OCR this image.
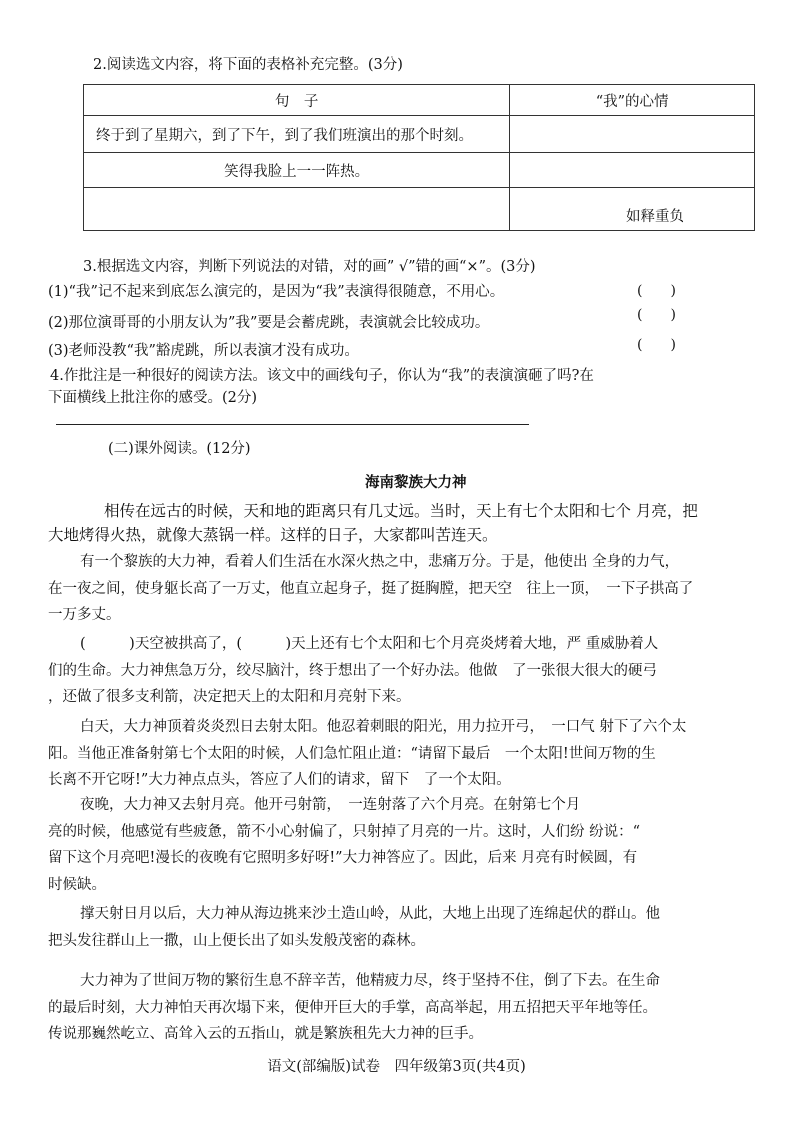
2.阅读选文内容，将下面的表格补充完整。(3分)
句　子	“我”的心情
终于到了星期六，到了下午，到了我们班演出的那个时刻。	
笑得我脸上一一阵热。	
	如释重负
3.根据选文内容，判断下列说法的对错，对的画” √”错的画“×”。(3分)
(1)“我”记不起来到底怎么演完的，是因为“我”表演得很随意，不用心。
(2)那位演哥哥的小朋友认为”我”要是会蓄虎跳，表演就会比较成功。
(3)老师没教“我”豁虎跳，所以表演才没有成功。
(　　)
(　　)
(　　)
4.作批注是一种很好的阅读方法。该文中的画线句子，你认为“我”的表演演砸了吗?在
下面横线上批注你的感受。(2分)
(二)课外阅读。(12分)
海南黎族大力神
相传在远古的时候，天和地的距离只有几丈远。当时，天上有七个太阳和七个 月亮，把
大地烤得火热，就像大蒸锅一样。这样的日子，大家都叫苦连天。

有一个黎族的大力神，看着人们生活在水深火热之中，悲痛万分。于是，他使出 全身的力气，

在一夜之间，使身躯长高了一万丈，他直立起身子，挺了挺胸膛，把天空　往上一顶，　一下子拱高了

一万多丈。

(　　　)天空被拱高了，(　　　)天上还有七个太阳和七个月亮炎烤着大地，严 重威胁着人

们的生命。大力神焦急万分，绞尽脑汁，终于想出了一个好办法。他做　了一张很大很大的硬弓

，还做了很多支利箭，决定把天上的太阳和月亮射下来。

白天，大力神顶着炎炎烈日去射太阳。他忍着刺眼的阳光，用力拉开弓，　一口气 射下了六个太

阳。当他正准备射第七个太阳的时候，人们急忙阻止道：“请留下最后　一个太阳!世间万物的生

长离不开它呀!”大力神点点头，答应了人们的请求，留下　了一个太阳。

夜晚，大力神又去射月亮。他开弓射箭，　一连射落了六个月亮。在射第七个月

亮的时候，他感觉有些疲惫，箭不小心射偏了，只射掉了月亮的一片。这时，人们纷 纷说：“

留下这个月亮吧!漫长的夜晚有它照明多好呀!”大力神答应了。因此，后来 月亮有时候圆，有

时候缺。

撑天射日月以后，大力神从海边挑来沙土造山岭，从此，大地上出现了连绵起伏的群山。他

把头发往群山上一撒，山上便长出了如头发般茂密的森林。

大力神为了世间万物的繁衍生息不辞辛苦，他精疲力尽，终于坚持不住，倒了下去。在生命

的最后时刻，大力神怕天再次塌下来，便伸开巨大的手掌，高高举起，用五招把天平年地等任。

传说那巍然屹立、高耸入云的五指山，就是繁族租先大力神的巨手。

语文(部编版)试卷　四年级第3页(共4页)
